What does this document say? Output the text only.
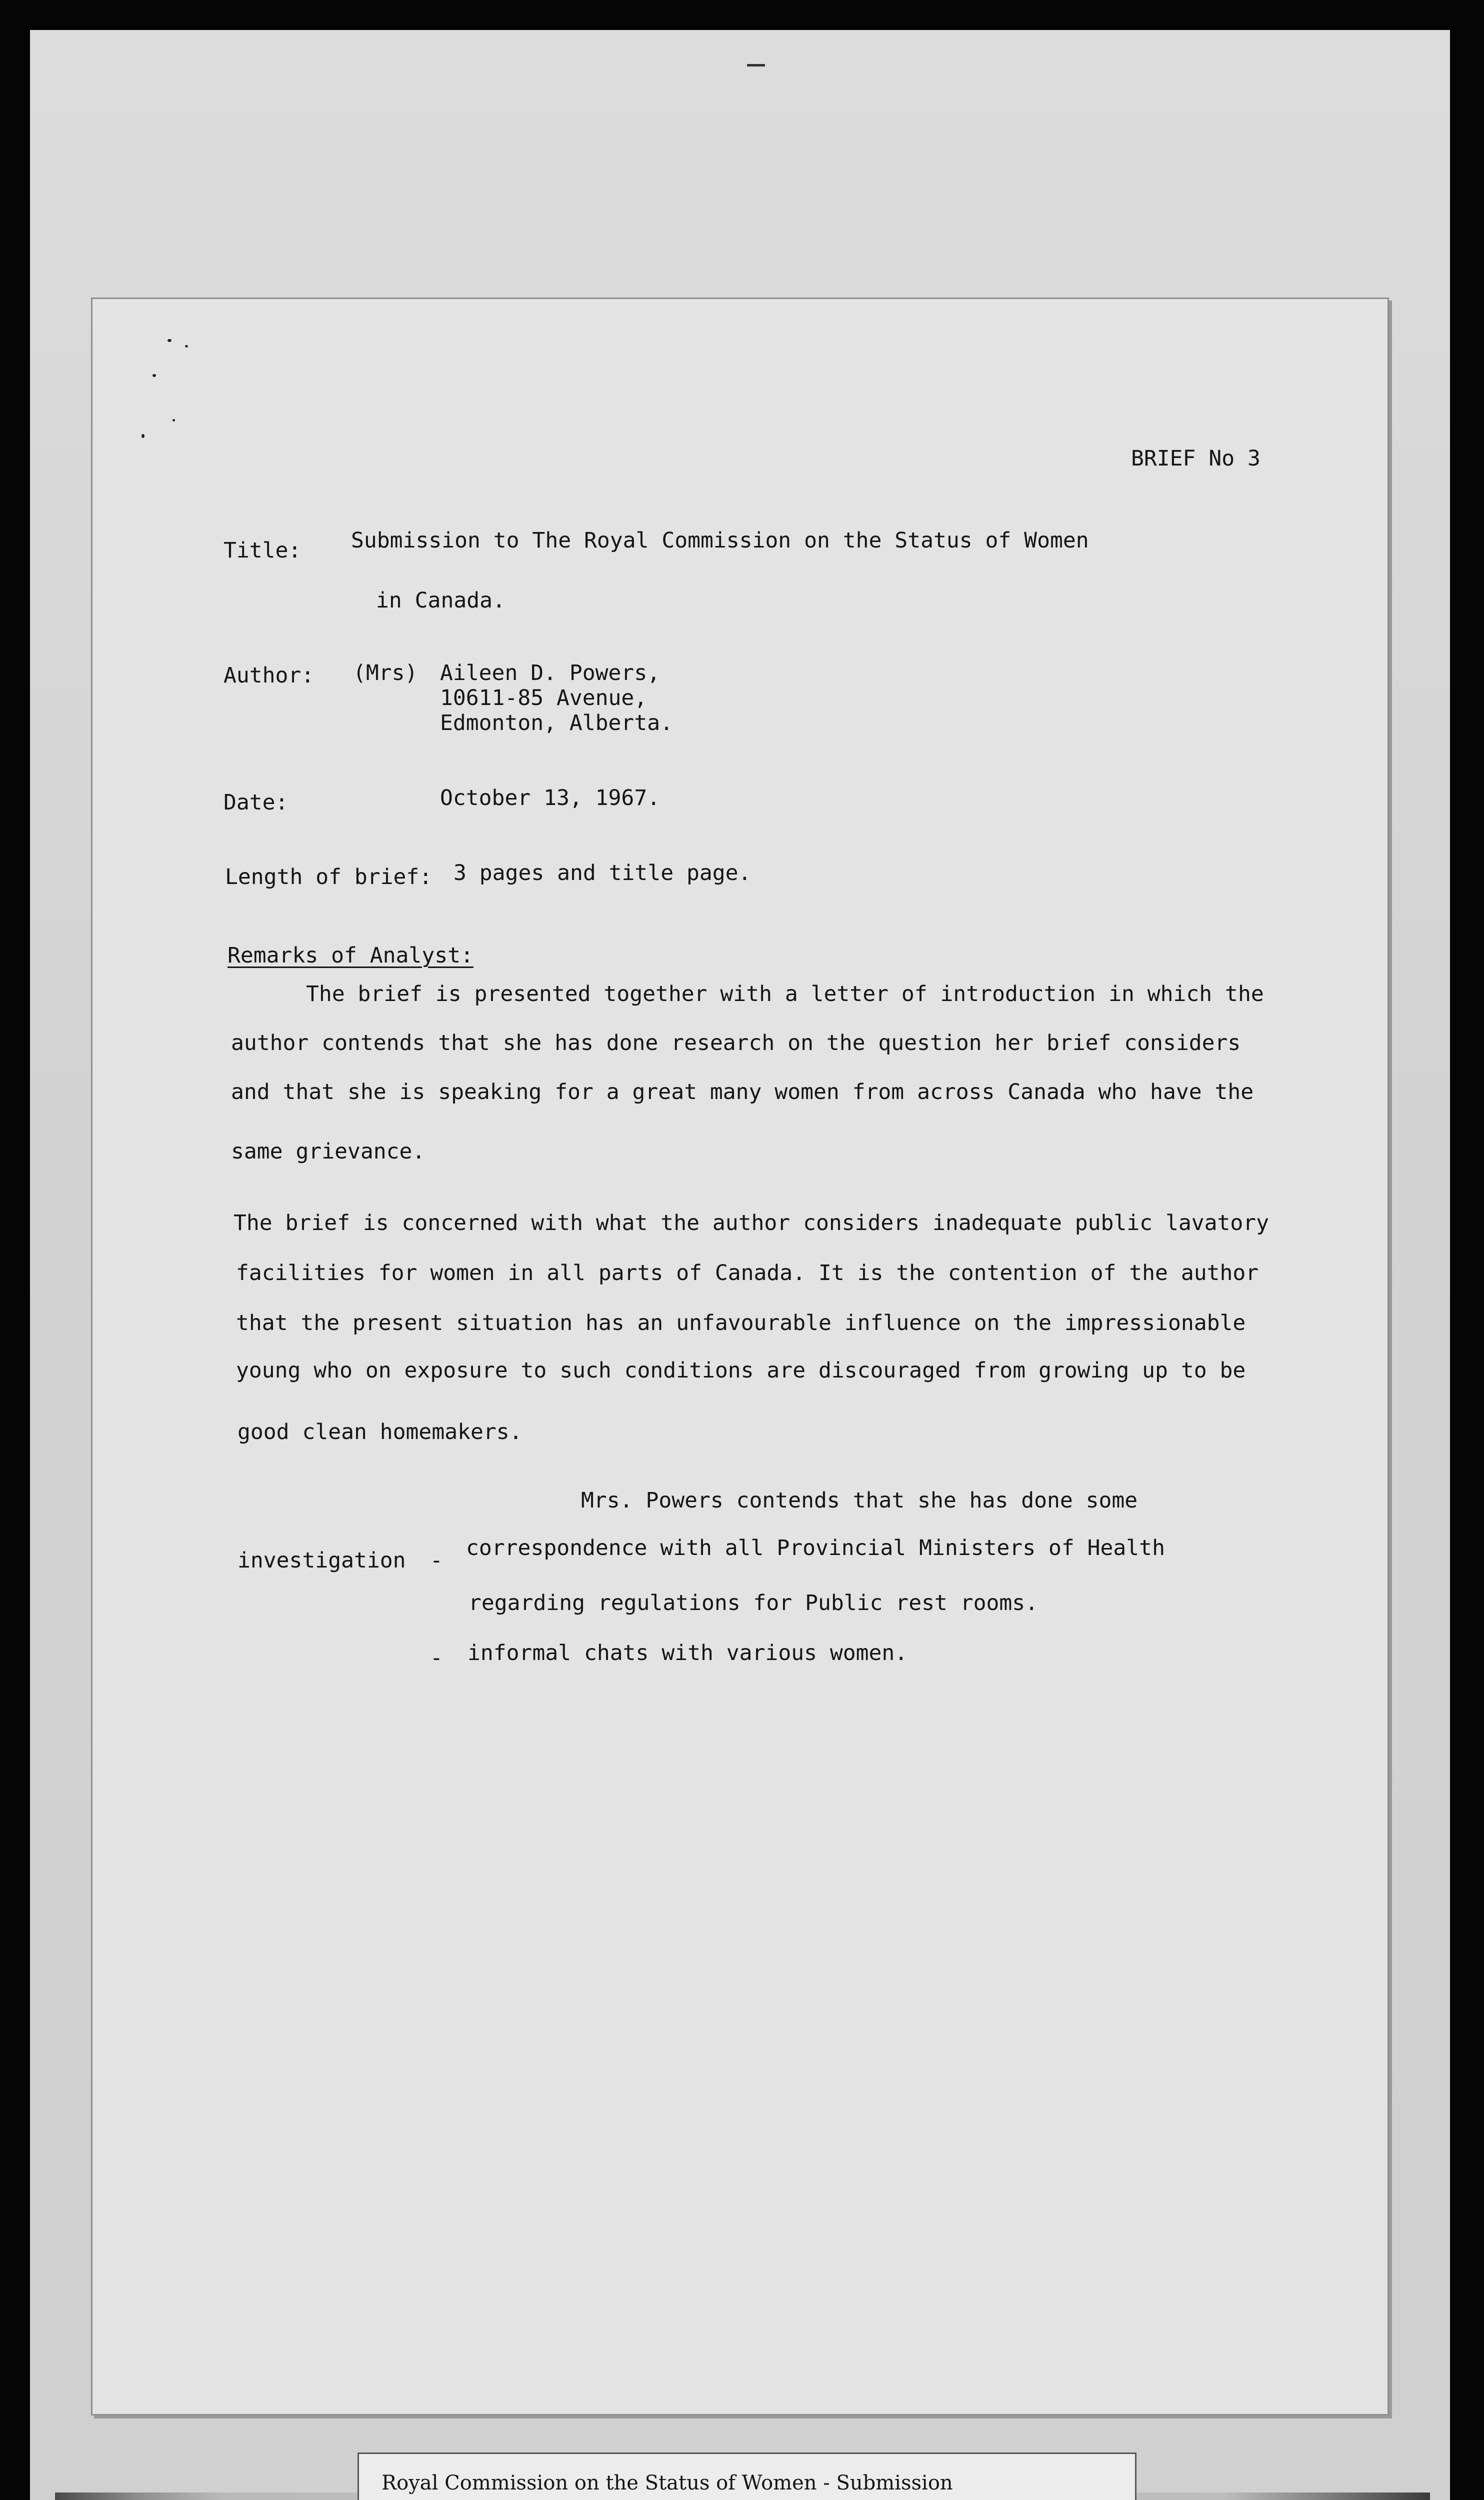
BRIEF No 3
Title: Submission to The Royal Commission on the Status of Women
in Canada.
Author: (Mrs) Aileen D. Powers,
10611-85 Avenue,
Edmonton, Alberta.
Date:	October 13, 1967.
Length of brief: 3 pages and title page.
Remarks of Analyst:
The brief is presented together with a letter of introduction in which the
author contends that she has done research on the question her brief considers
and that she is speaking for a great many women from across Canada who have the
same grievance.
The brief is concerned with what the author considers inadequate public lavatory
facilities for women in all parts of Canada. It is the contention of the author
that the present situation has an unfavourable influence on the impressionable
young who on exposure to such conditions are discouraged from growing up to be
good clean homemakers.
Mrs. Powers contends that she has done some
investigation - correspondence with all Provincial Ministers of Health
regarding regulations for Public rest rooms.
- informal chats with various women.
Royal Commission on the Status of Women - Submission
